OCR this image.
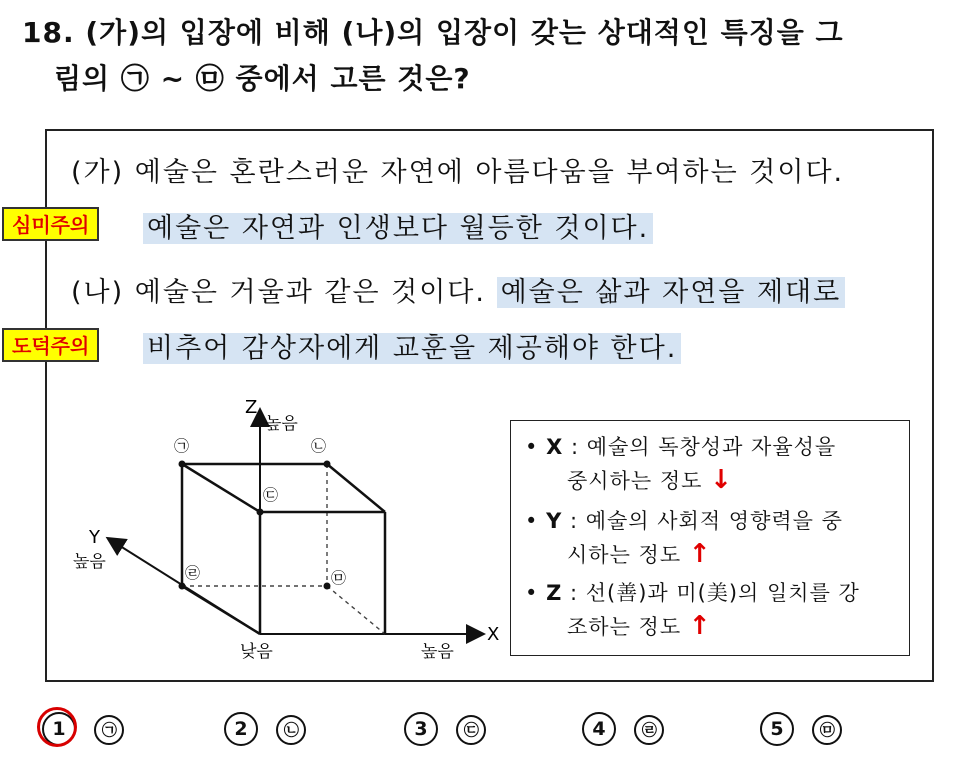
18. (가)의 입장에 비해 (나)의 입장이 갖는 상대적인 특징을 그
림의 ㉠ ~ ㉤ 중에서 고른 것은?
(가) 예술은 혼란스러운 자연에 아름다움을 부여하는 것이다.
예술은 자연과 인생보다 월등한 것이다.
(나) 예술은 거울과 같은 것이다. 예술은 삶과 자연을 제대로
비추어 감상자에게 교훈을 제공해야 한다.
㉠	㉡
㉢
㉣	㉤
Z
높음
Y
높음
X
높음
낮음
심미주의
도덕주의
• X : 예술의 독창성과 자율성을
중시하는 정도 ↓
• Y : 예술의 사회적 영향력을 중
시하는 정도 ↑
• Z : 선(善)과 미(美)의 일치를 강
조하는 정도 ↑
1 ㉠	2 ㉡	3 ㉢	4 ㉣	5 ㉤
